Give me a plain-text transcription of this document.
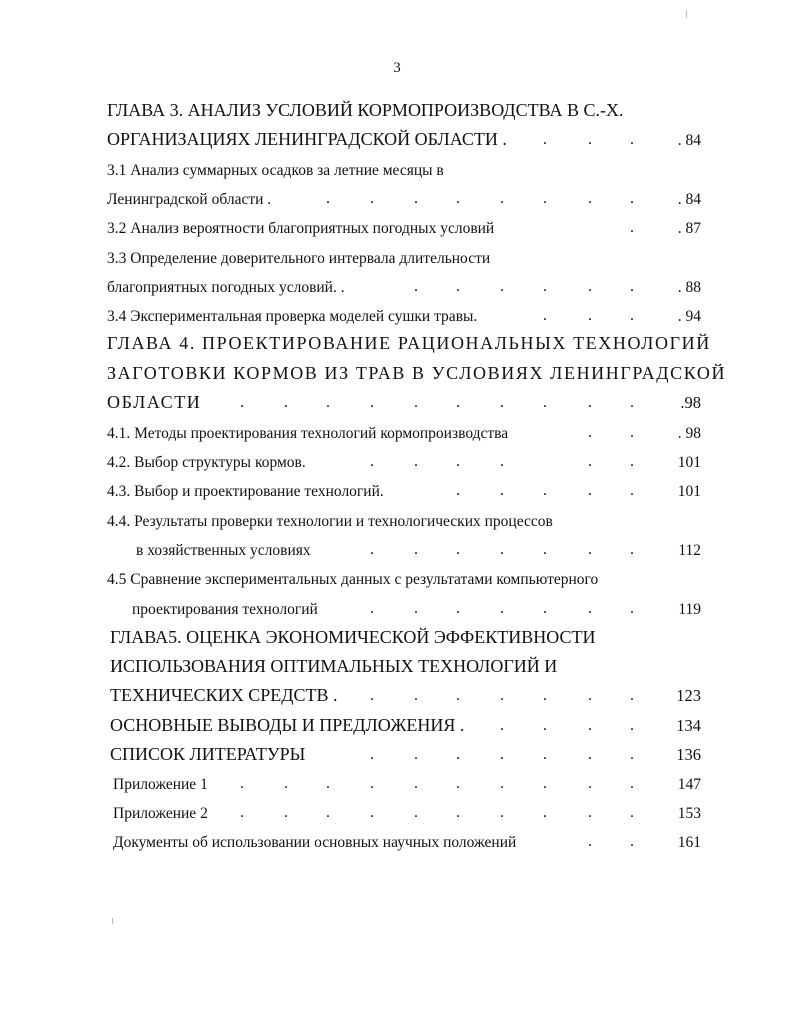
3
ГЛАВА 3. АНАЛИЗ УСЛОВИЙ КОРМОПРОИЗВОДСТВА В С.-Х.
ОРГАНИЗАЦИЯХ ЛЕНИНГРАДСКОЙ ОБЛАСТИ . .	. .	. 84
3.1 Анализ суммарных осадков за летние месяцы в
Ленинградской области .	.	.	. .	. .	. .	. 84
3.2 Анализ вероятности благоприятных погодных условий	.	. 87
3.3 Определение доверительного интервала длительности
благоприятных погодных условий. .	. .	. .	. .	. 88
3.4 Экспериментальная проверка моделей сушки травы.	.	. .	. 94
ГЛАВА 4. ПРОЕКТИРОВАНИЕ РАЦИОНАЛЬНЫХ ТЕХНОЛОГИЙ
ЗАГОТОВКИ КОРМОВ ИЗ ТРАВ В УСЛОВИЯХ ЛЕНИНГРАДСКОЙ
ОБЛАСТИ .	. .	.	. .	. .	. .	.98
4.1. Методы проектирования технологий кормопроизводства	. .	. 98
4.2. Выбор структуры кормов.	.	. .	.	. .	101
4.3. Выбор и проектирование технологий.	.	. .	. .	101
4.4. Результаты проверки технологии и технологических процессов
в хозяйственных условиях	.	. .	. .	. .	112
4.5 Сравнение экспериментальных данных с результатами компьютерного
проектирования технологий	.	. .	. .	. .	119
ГЛАВА5. ОЦЕНКА ЭКОНОМИЧЕСКОЙ ЭФФЕКТИВНОСТИ
ИСПОЛЬЗОВАНИЯ ОПТИМАЛЬНЫХ ТЕХНОЛОГИЙ И
ТЕХНИЧЕСКИХ СРЕДСТВ . .	. .	. .	. .	123
ОСНОВНЫЕ ВЫВОДЫ И ПРЕДЛОЖЕНИЯ . . .	. .	134
СПИСОК ЛИТЕРАТУРЫ	.	. .	. .	. .	136
Приложение 1 .	. .	.	. .	. .	. .	147
Приложение 2 .	. .	.	. .	. .	. .	153
Документы об использовании основных научных положений	. .	161
